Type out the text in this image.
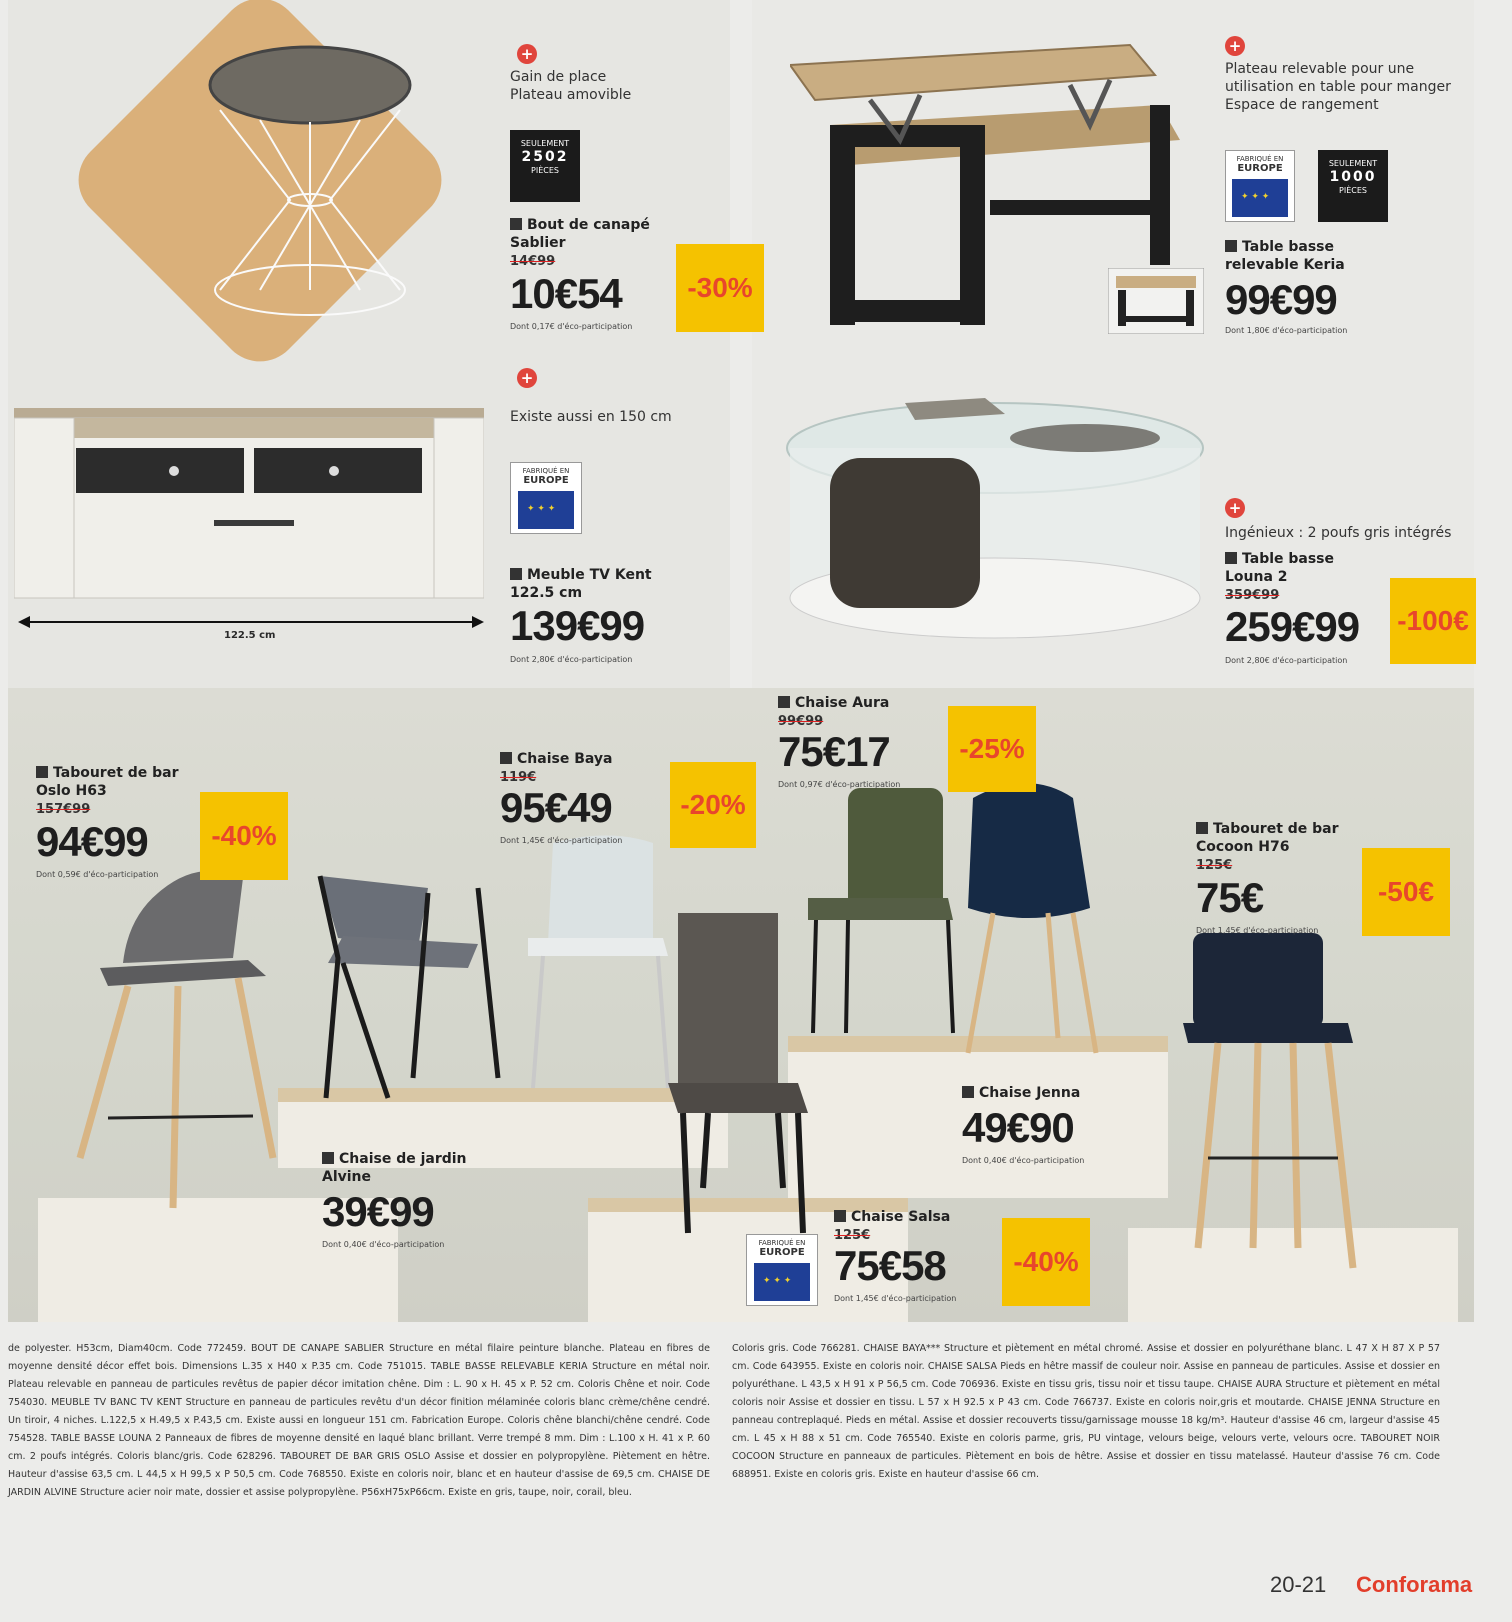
+
Gain de place
Plateau amovible
SEULEMENT
2502
PIÈCES
Bout de canapé
Sablier
14€99
10€54
Dont 0,17€ d'éco-participation
-30%
+
Plateau relevable pour une
utilisation en table pour manger
Espace de rangement
FABRIQUÉ EN
EUROPE
✦ ✦ ✦	SEULEMENT
1000
PIÈCES
Table basse
relevable Keria
99€99
Dont 1,80€ d'éco-participation
122.5 cm
+
Existe aussi en 150 cm
FABRIQUÉ EN
EUROPE
✦ ✦ ✦
Meuble TV Kent
122.5 cm
139€99
Dont 2,80€ d'éco-participation
+
Ingénieux : 2 poufs gris intégrés
Table basse
Louna 2
359€99
259€99
Dont 2,80€ d'éco-participation
-100€
Tabouret de bar
Oslo H63
157€99
94€99
Dont 0,59€ d'éco-participation
-40%
Chaise Baya
119€
95€49
Dont 1,45€ d'éco-participation
-20%
Chaise Aura
99€99
75€17
Dont 0,97€ d'éco-participation
-25%
Tabouret de bar
Cocoon H76
125€
75€
Dont 1,45€ d'éco-participation
-50€
Chaise Jenna
49€90
Dont 0,40€ d'éco-participation
Chaise de jardin
Alvine
39€99
Dont 0,40€ d'éco-participation	FABRIQUÉ EN
EUROPE
✦ ✦ ✦
Chaise Salsa
125€
75€58
Dont 1,45€ d'éco-participation
-40%
de polyester. H53cm, Diam40cm. Code 772459. BOUT DE CANAPE SABLIER Structure en métal filaire peinture blanche. Plateau en fibres de moyenne densité décor effet bois. Dimensions L.35 x H40 x P.35 cm. Code 751015. TABLE BASSE RELEVABLE KERIA Structure en métal noir. Plateau relevable en panneau de particules revêtus de papier décor imitation chêne. Dim : L. 90 x H. 45 x P. 52 cm. Coloris Chêne et noir. Code 754030. MEUBLE TV BANC TV KENT Structure en panneau de particules revêtu d'un décor finition mélaminée coloris blanc crème/chêne cendré. Un tiroir, 4 niches. L.122,5 x H.49,5 x P.43,5 cm. Existe aussi en longueur 151 cm. Fabrication Europe. Coloris chêne blanchi/chêne cendré. Code 754528. TABLE BASSE LOUNA 2 Panneaux de fibres de moyenne densité en laqué blanc brillant. Verre trempé 8 mm. Dim : L.100 x H. 41 x P. 60 cm. 2 poufs intégrés. Coloris blanc/gris. Code 628296. TABOURET DE BAR GRIS OSLO Assise et dossier en polypropylène. Piètement en hêtre. Hauteur d'assise 63,5 cm. L 44,5 x H 99,5 x P 50,5 cm. Code 768550. Existe en coloris noir, blanc et en hauteur d'assise de 69,5 cm. CHAISE DE JARDIN ALVINE Structure acier noir mate, dossier et assise polypropylène. P56xH75xP66cm. Existe en gris, taupe, noir, corail, bleu.
Coloris gris. Code 766281. CHAISE BAYA*** Structure et piètement en métal chromé. Assise et dossier en polyuréthane blanc. L 47 X H 87 X P 57 cm. Code 643955. Existe en coloris noir. CHAISE SALSA Pieds en hêtre massif de couleur noir. Assise en panneau de particules. Assise et dossier en polyuréthane. L 43,5 x H 91 x P 56,5 cm. Code 706936. Existe en tissu gris, tissu noir et tissu taupe. CHAISE AURA Structure et piètement en métal coloris noir Assise et dossier en tissu. L 57 x H 92.5 x P 43 cm. Code 766737. Existe en coloris noir,gris et moutarde. CHAISE JENNA Structure en panneau contreplaqué. Pieds en métal. Assise et dossier recouverts tissu/garnissage mousse 18 kg/m³. Hauteur d'assise 46 cm, largeur d'assise 45 cm. L 45 x H 88 x 51 cm. Code 765540. Existe en coloris parme, gris, PU vintage, velours beige, velours verte, velours ocre. TABOURET NOIR COCOON Structure en panneaux de particules. Piètement en bois de hêtre. Assise et dossier en tissu matelassé. Hauteur d'assise 76 cm. Code 688951. Existe en coloris gris. Existe en hauteur d'assise 66 cm.
20-21 Conforama
